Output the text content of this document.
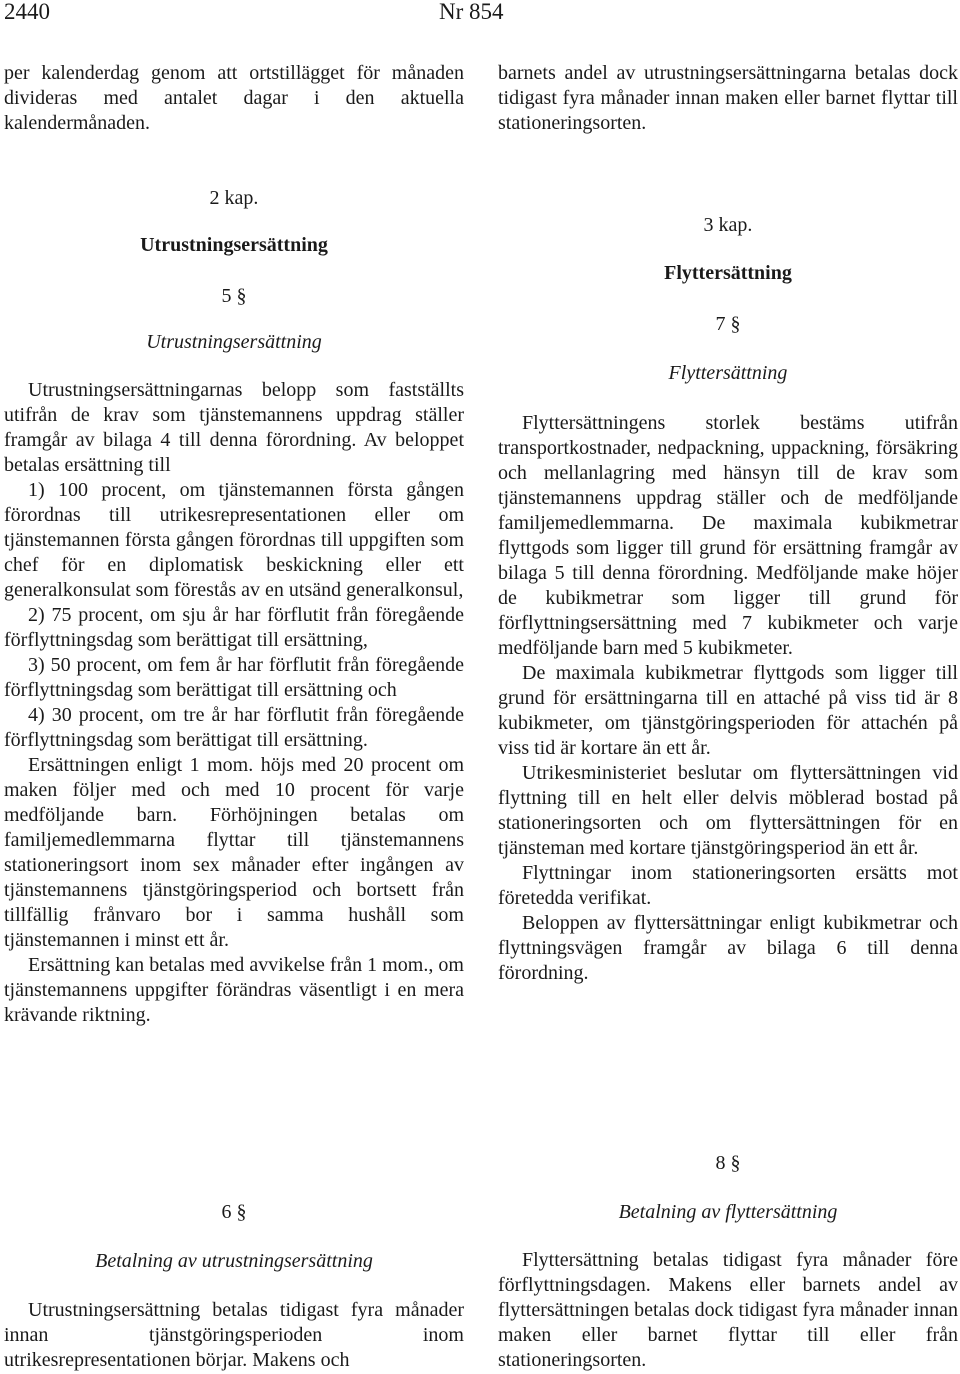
2440	Nr 854

per kalenderdag genom att ortstillägget för månaden divideras med antalet dagar i den aktuella kalendermånaden.

2 kap.

Utrustningsersättning

5 §

Utrustningsersättning

Utrustningsersättningarnas belopp som fastställts utifrån de krav som tjänstemannens uppdrag ställer framgår av bilaga 4 till denna förordning. Av beloppet betalas ersättning till

1) 100 procent, om tjänstemannen första gången förordnas till utrikesrepresentationen eller om tjänstemannen första gången förordnas till uppgiften som chef för en diplomatisk beskickning eller ett generalkonsulat som förestås av en utsänd generalkonsul,

2) 75 procent, om sju år har förflutit från föregående förflyttningsdag som berättigat till ersättning,

3) 50 procent, om fem år har förflutit från föregående förflyttningsdag som berättigat till ersättning och

4) 30 procent, om tre år har förflutit från föregående förflyttningsdag som berättigat till ersättning.

Ersättningen enligt 1 mom. höjs med 20 procent om maken följer med och med 10 procent för varje medföljande barn. Förhöjningen betalas om familjemedlemmarna flyttar till tjänstemannens stationeringsort inom sex månader efter ingången av tjänstemannens tjänstgöringsperiod och bortsett från tillfällig frånvaro bor i samma hushåll som tjänstemannen i minst ett år.

Ersättning kan betalas med avvikelse från 1 mom., om tjänstemannens uppgifter förändras väsentligt i en mera krävande riktning.

6 §

Betalning av utrustningsersättning

Utrustningsersättning betalas tidigast fyra månader innan tjänstgöringsperioden inom utrikesrepresentationen börjar. Makens och

barnets andel av utrustningsersättningarna betalas dock tidigast fyra månader innan maken eller barnet flyttar till stationeringsorten.

3 kap.

Flyttersättning

7 §

Flyttersättning

Flyttersättningens storlek bestäms utifrån transportkostnader, nedpackning, uppackning, försäkring och mellanlagring med hänsyn till de krav som tjänstemannens uppdrag ställer och de medföljande familjemedlemmarna. De maximala kubikmetrar flyttgods som ligger till grund för ersättning framgår av bilaga 5 till denna förordning. Medföljande make höjer de kubikmetrar som ligger till grund för förflyttningsersättning med 7 kubikmeter och varje medföljande barn med 5 kubikmeter.

De maximala kubikmetrar flyttgods som ligger till grund för ersättningarna till en attaché på viss tid är 8 kubikmeter, om tjänstgöringsperioden för attachén på viss tid är kortare än ett år.

Utrikesministeriet beslutar om flyttersättningen vid flyttning till en helt eller delvis möblerad bostad på stationeringsorten och om flyttersättningen för en tjänsteman med kortare tjänstgöringsperiod än ett år.

Flyttningar inom stationeringsorten ersätts mot företedda verifikat.

Beloppen av flyttersättningar enligt kubikmetrar och flyttningsvägen framgår av bilaga 6 till denna förordning.

8 §

Betalning av flyttersättning

Flyttersättning betalas tidigast fyra månader före förflyttningsdagen. Makens eller barnets andel av flyttersättningen betalas dock tidigast fyra månader innan maken eller barnet flyttar till eller från stationeringsorten.
